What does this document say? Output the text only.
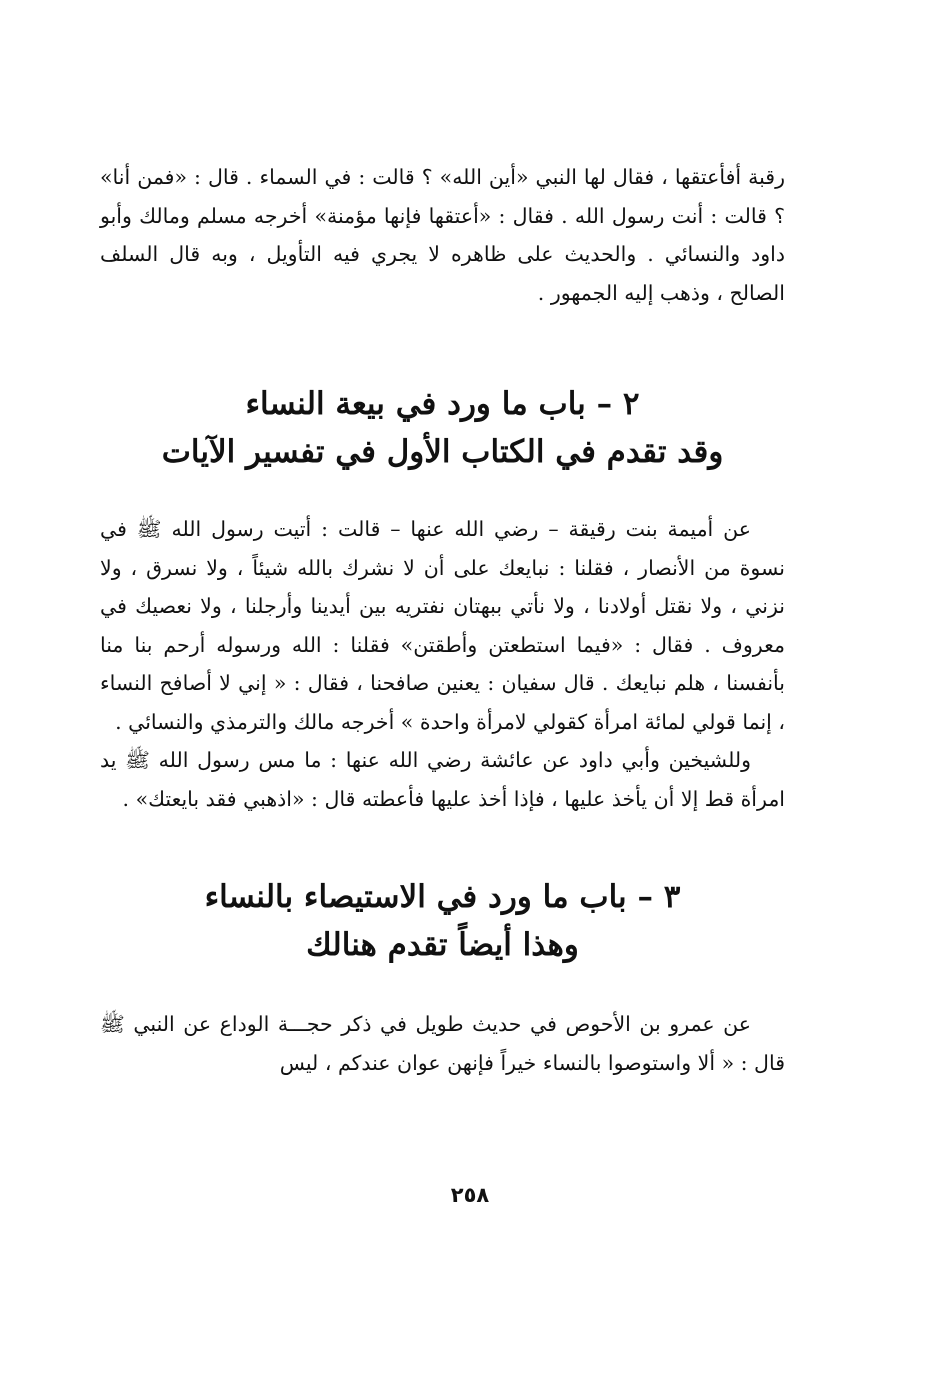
رقبة أفأعتقها ، فقال لها النبي «أين الله» ؟ قالت : في السماء . قال : «فمن أنا» ؟ قالت : أنت رسول الله . فقال : «أعتقها فإنها مؤمنة» أخرجه مسلم ومالك وأبو داود والنسائي . والحديث على ظاهره لا يجري فيه التأويل ، وبه قال السلف الصالح ، وذهب إليه الجمهور .

٢ – باب ما ورد في بيعة النساء
وقد تقدم في الكتاب الأول في تفسير الآيات

عن أميمة بنت رقيقة – رضي الله عنها – قالت : أتيت رسول الله ﷺ في نسوة من الأنصار ، فقلنا : نبايعك على أن لا نشرك بالله شيئاً ، ولا نسرق ، ولا نزني ، ولا نقتل أولادنا ، ولا نأتي ببهتان نفتريه بين أيدينا وأرجلنا ، ولا نعصيك في معروف . فقال : «فيما استطعتن وأطقتن» فقلنا : الله ورسوله أرحم بنا منا بأنفسنا ، هلم نبايعك . قال سفيان : يعنين صافحنا ، فقال : « إني لا أصافح النساء ، إنما قولي لمائة امرأة كقولي لامرأة واحدة » أخرجه مالك والترمذي والنسائي .

وللشيخين وأبي داود عن عائشة رضي الله عنها : ما مس رسول الله ﷺ يد امرأة قط إلا أن يأخذ عليها ، فإذا أخذ عليها فأعطته قال : «اذهبي فقد بايعتك» .

٣ – باب ما ورد في الاستيصاء بالنساء
وهذا أيضاً تقدم هنالك

عن عمرو بن الأحوص في حديث طويل في ذكر حجـــة الوداع عن النبي ﷺ قال : « ألا واستوصوا بالنساء خيراً فإنهن عوان عندكم ، ليس

٢٥٨
